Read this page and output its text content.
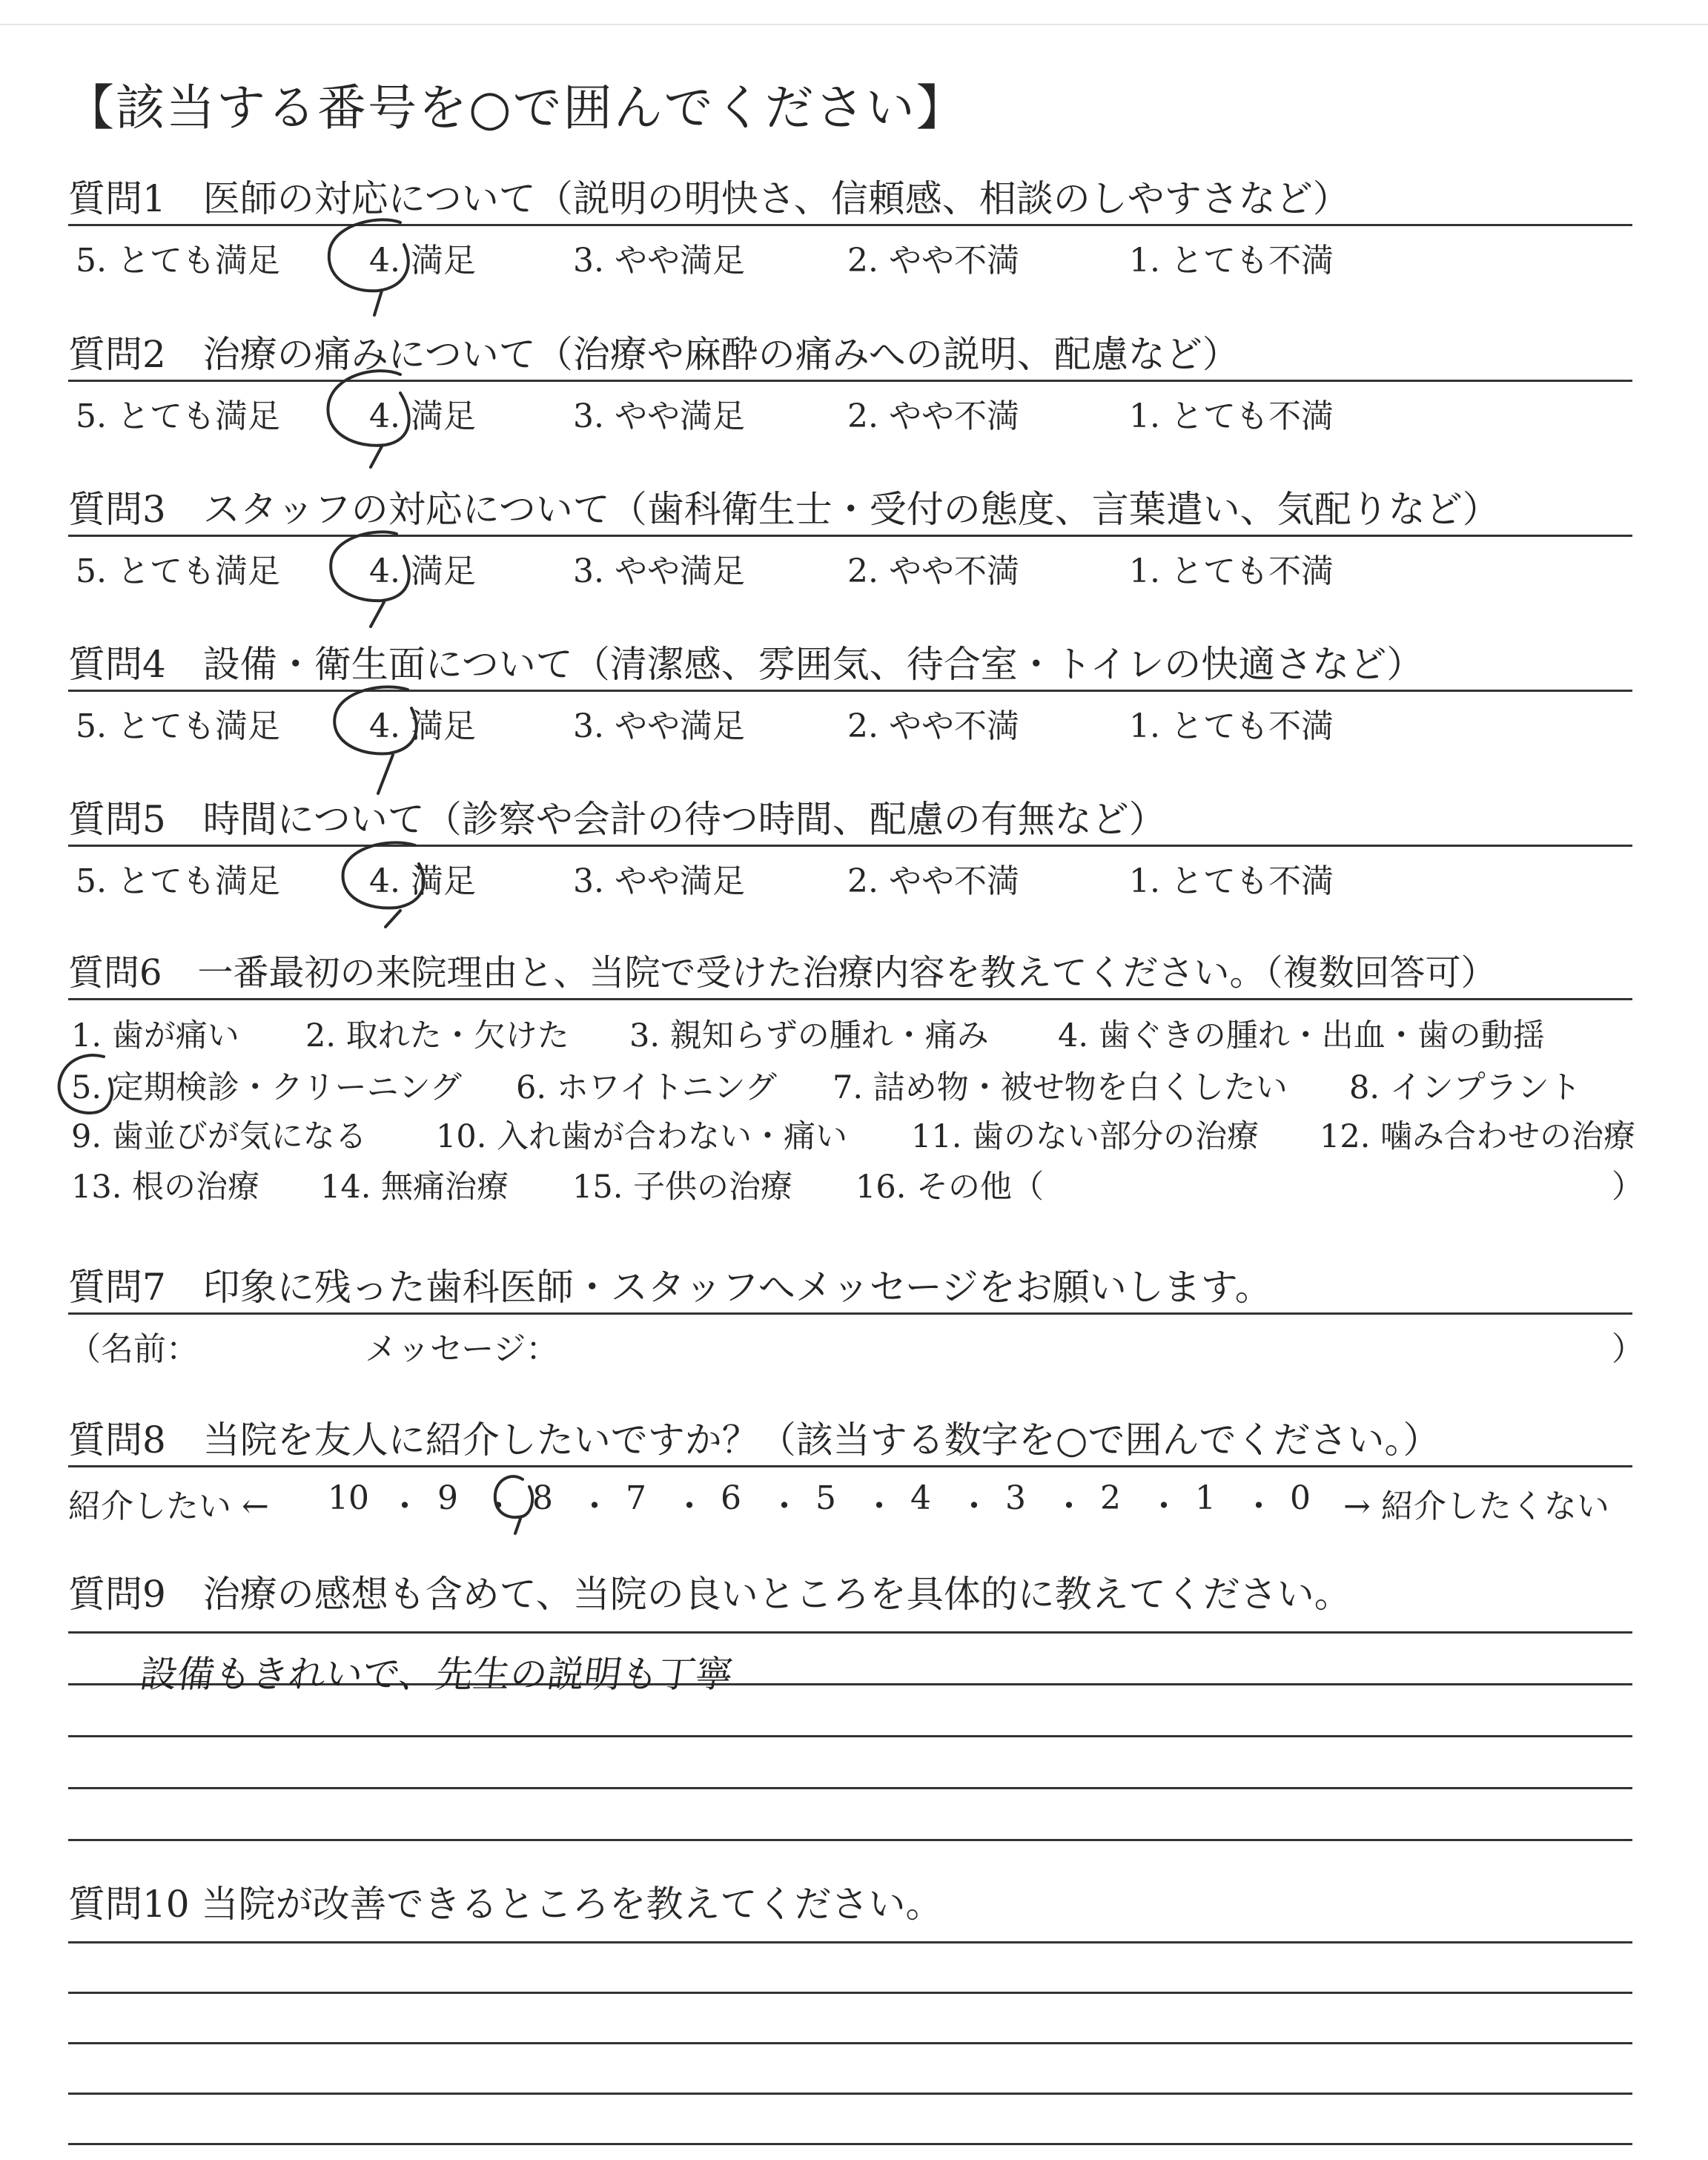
【該当する番号を○で囲んでください】
質問1　医師の対応について（説明の明快さ、信頼感、相談のしやすさなど）
5. とても満足	4. 満足	3. やや満足	2. やや不満	1. とても不満
質問2　治療の痛みについて（治療や麻酔の痛みへの説明、配慮など）
5. とても満足	4. 満足	3. やや満足	2. やや不満	1. とても不満
質問3　スタッフの対応について（歯科衛生士・受付の態度、言葉遣い、気配りなど）
5. とても満足	4. 満足	3. やや満足	2. やや不満	1. とても不満
質問4　設備・衛生面について（清潔感、雰囲気、待合室・トイレの快適さなど）
5. とても満足	4. 満足	3. やや満足	2. やや不満	1. とても不満
質問5　時間について（診察や会計の待つ時間、配慮の有無など）
5. とても満足	4. 満足	3. やや満足	2. やや不満	1. とても不満
質問6　一番最初の来院理由と、当院で受けた治療内容を教えてください。（複数回答可）
1. 歯が痛い 2. 取れた・欠けた 3. 親知らずの腫れ・痛み 4. 歯ぐきの腫れ・出血・歯の動揺
5. 定期検診・クリーニング 6. ホワイトニング 7. 詰め物・被せ物を白くしたい 8. インプラント
9. 歯並びが気になる 10. 入れ歯が合わない・痛い 11. 歯のない部分の治療 12. 噛み合わせの治療
13. 根の治療 14. 無痛治療 15. 子供の治療 16. その他（	）
質問7　印象に残った歯科医師・スタッフへメッセージをお願いします。
（名前：	メッセージ：	）
質問8　当院を友人に紹介したいですか？（該当する数字を○で囲んでください。）
紹介したい ← 10 ・ 9 ・ 8 ・ 7 ・ 6 ・ 5 ・ 4 ・ 3 ・ 2 ・ 1 ・ 0 → 紹介したくない
質問9　治療の感想も含めて、当院の良いところを具体的に教えてください。
設備もきれいで、先生の説明も丁寧
質問10 当院が改善できるところを教えてください。
